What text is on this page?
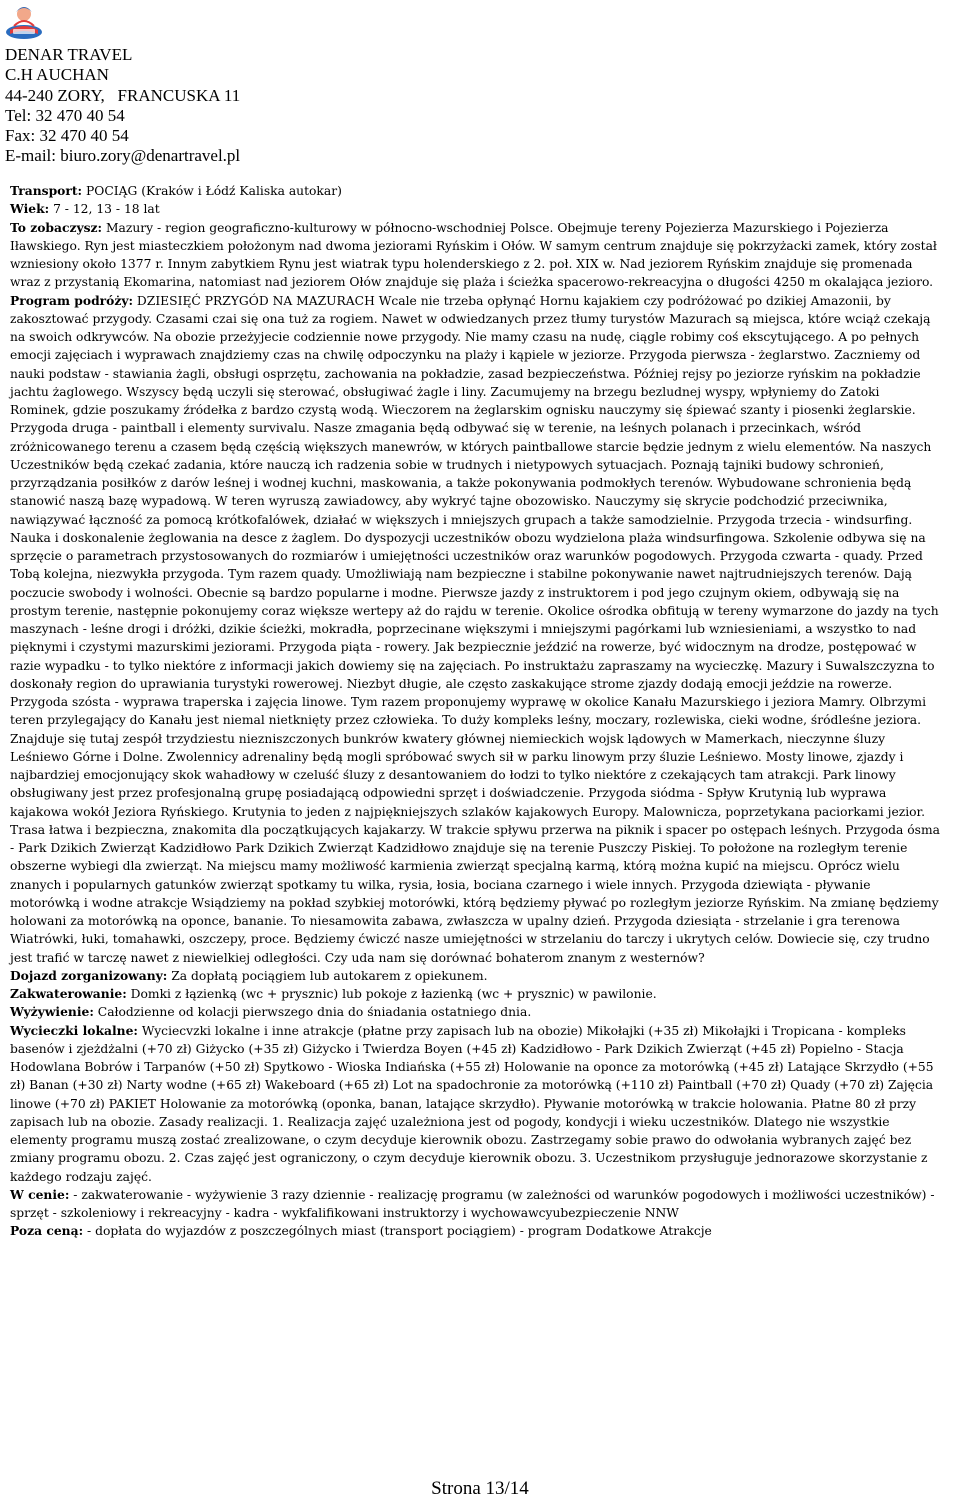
DENAR TRAVEL
C.H AUCHAN
44-240 ZORY,   FRANCUSKA 11
Tel: 32 470 40 54
Fax: 32 470 40 54
E-mail: biuro.zory@denartravel.pl

Transport: POCIĄG (Kraków i Łódź Kaliska autokar)

Wiek: 7 - 12, 13 - 18 lat

To zobaczysz: Mazury - region geograficzno-kulturowy w północno-wschodniej Polsce. Obejmuje tereny Pojezierza Mazurskiego i Pojezierza Iławskiego. Ryn jest miasteczkiem położonym nad dwoma jeziorami Ryńskim i Ołów. W samym centrum znajduje się pokrzyżacki zamek, który został wzniesiony około 1377 r. Innym zabytkiem Rynu jest wiatrak typu holenderskiego z 2. poł. XIX w. Nad jeziorem Ryńskim znajduje się promenada wraz z przystanią Ekomarina, natomiast nad jeziorem Ołów znajduje się plaża i ścieżka spacerowo-rekreacyjna o długości 4250 m okalająca jezioro.

Program podróży: DZIESIĘĆ PRZYGÓD NA MAZURACH Wcale nie trzeba opłynąć Hornu kajakiem czy podróżować po dzikiej Amazonii, by zakosztować przygody. Czasami czai się ona tuż za rogiem. Nawet w odwiedzanych przez tłumy turystów Mazurach są miejsca, które wciąż czekają na swoich odkrywców. Na obozie przeżyjecie codziennie nowe przygody. Nie mamy czasu na nudę, ciągle robimy coś ekscytującego. A po pełnych emocji zajęciach i wyprawach znajdziemy czas na chwilę odpoczynku na plaży i kąpiele w jeziorze. Przygoda pierwsza - żeglarstwo. Zaczniemy od nauki podstaw - stawiania żagli, obsługi osprzętu, zachowania na pokładzie, zasad bezpieczeństwa. Później rejsy po jeziorze ryńskim na pokładzie jachtu żaglowego. Wszyscy będą uczyli się sterować, obsługiwać żagle i liny. Zacumujemy na brzegu bezludnej wyspy, wpłyniemy do Zatoki Rominek, gdzie poszukamy źródełka z bardzo czystą wodą. Wieczorem na żeglarskim ognisku nauczymy się śpiewać szanty i piosenki żeglarskie. Przygoda druga - paintball i elementy survivalu. Nasze zmagania będą odbywać się w terenie, na leśnych polanach i przecinkach, wśród zróżnicowanego terenu a czasem będą częścią większych manewrów, w których paintballowe starcie będzie jednym z wielu elementów. Na naszych Uczestników będą czekać zadania, które nauczą ich radzenia sobie w trudnych i nietypowych sytuacjach. Poznają tajniki budowy schronień, przyrządzania posiłków z darów leśnej i wodnej kuchni, maskowania, a także pokonywania podmokłych terenów. Wybudowane schronienia będą stanowić naszą bazę wypadową. W teren wyruszą zawiadowcy, aby wykryć tajne obozowisko. Nauczymy się skrycie podchodzić przeciwnika, nawiązywać łączność za pomocą krótkofalówek, działać w większych i mniejszych grupach a także samodzielnie. Przygoda trzecia - windsurfing. Nauka i doskonalenie żeglowania na desce z żaglem. Do dyspozycji uczestników obozu wydzielona plaża windsurfingowa. Szkolenie odbywa się na sprzęcie o parametrach przystosowanych do rozmiarów i umiejętności uczestników oraz warunków pogodowych. Przygoda czwarta - quady. Przed Tobą kolejna, niezwykła przygoda. Tym razem quady. Umożliwiają nam bezpieczne i stabilne pokonywanie nawet najtrudniejszych terenów. Dają poczucie swobody i wolności. Obecnie są bardzo popularne i modne. Pierwsze jazdy z instruktorem i pod jego czujnym okiem, odbywają się na prostym terenie, następnie pokonujemy coraz większe wertepy aż do rajdu w terenie. Okolice ośrodka obfitują w tereny wymarzone do jazdy na tych maszynach - leśne drogi i dróżki, dzikie ścieżki, mokradła, poprzecinane większymi i mniejszymi pagórkami lub wzniesieniami, a wszystko to nad pięknymi i czystymi mazurskimi jeziorami. Przygoda piąta - rowery. Jak bezpiecznie jeździć na rowerze, być widocznym na drodze, postępować w razie wypadku - to tylko niektóre z informacji jakich dowiemy się na zajęciach. Po instruktażu zapraszamy na wycieczkę. Mazury i Suwalszczyzna to doskonały region do uprawiania turystyki rowerowej. Niezbyt długie, ale często zaskakujące strome zjazdy dodają emocji jeździe na rowerze. Przygoda szósta - wyprawa traperska i zajęcia linowe. Tym razem proponujemy wyprawę w okolice Kanału Mazurskiego i jeziora Mamry. Olbrzymi teren przylegający do Kanału jest niemal nietknięty przez człowieka. To duży kompleks leśny, moczary, rozlewiska, cieki wodne, śródleśne jeziora. Znajduje się tutaj zespół trzydziestu niezniszczonych bunkrów kwatery głównej niemieckich wojsk lądowych w Mamerkach, nieczynne śluzy Leśniewo Górne i Dolne. Zwolennicy adrenaliny będą mogli spróbować swych sił w parku linowym przy śluzie Leśniewo. Mosty linowe, zjazdy i najbardziej emocjonujący skok wahadłowy w czeluść śluzy z desantowaniem do łodzi to tylko niektóre z czekających tam atrakcji. Park linowy obsługiwany jest przez profesjonalną grupę posiadającą odpowiedni sprzęt i doświadczenie. Przygoda siódma - Spływ Krutynią lub wyprawa kajakowa wokół Jeziora Ryńskiego. Krutynia to jeden z najpiękniejszych szlaków kajakowych Europy. Malownicza, poprzetykana paciorkami jezior. Trasa łatwa i bezpieczna, znakomita dla początkujących kajakarzy. W trakcie spływu przerwa na piknik i spacer po ostępach leśnych. Przygoda ósma - Park Dzikich Zwierząt Kadzidłowo Park Dzikich Zwierząt Kadzidłowo znajduje się na terenie Puszczy Piskiej. To położone na rozległym terenie obszerne wybiegi dla zwierząt. Na miejscu mamy możliwość karmienia zwierząt specjalną karmą, którą można kupić na miejscu. Oprócz wielu znanych i popularnych gatunków zwierząt spotkamy tu wilka, rysia, łosia, bociana czarnego i wiele innych. Przygoda dziewiąta - pływanie motorówką i wodne atrakcje Wsiądziemy na pokład szybkiej motorówki, którą będziemy pływać po rozległym jeziorze Ryńskim. Na zmianę będziemy holowani za motorówką na oponce, bananie. To niesamowita zabawa, zwłaszcza w upalny dzień. Przygoda dziesiąta - strzelanie i gra terenowa Wiatrówki, łuki, tomahawki, oszczepy, proce. Będziemy ćwiczć nasze umiejętności w strzelaniu do tarczy i ukrytych celów. Dowiecie się, czy trudno jest trafić w tarczę nawet z niewielkiej odległości. Czy uda nam się dorównać bohaterom znanym z westernów?

Dojazd zorganizowany: Za dopłatą pociągiem lub autokarem z opiekunem.

Zakwaterowanie: Domki z łązienką (wc + prysznic) lub pokoje z łazienką (wc + prysznic) w pawilonie.

Wyżywienie: Całodzienne od kolacji pierwszego dnia do śniadania ostatniego dnia.

Wycieczki lokalne: Wyciecvzki lokalne i inne atrakcje (płatne przy zapisach lub na obozie) Mikołajki (+35 zł) Mikołajki i Tropicana - kompleks basenów i zjeżdżalni (+70 zł) Giżycko (+35 zł) Giżycko i Twierdza Boyen (+45 zł) Kadzidłowo - Park Dzikich Zwierząt (+45 zł) Popielno - Stacja Hodowlana Bobrów i Tarpanów (+50 zł) Spytkowo - Wioska Indiańska (+55 zł) Holowanie na oponce za motorówką (+45 zł) Latające Skrzydło (+55 zł) Banan (+30 zł) Narty wodne (+65 zł) Wakeboard (+65 zł) Lot na spadochronie za motorówką (+110 zł) Paintball (+70 zł) Quady (+70 zł) Zajęcia linowe (+70 zł) PAKIET Holowanie za motorówką (oponka, banan, latające skrzydło). Pływanie motorówką w trakcie holowania. Płatne 80 zł przy zapisach lub na obozie. Zasady realizacji. 1. Realizacja zajęć uzależniona jest od pogody, kondycji i wieku uczestników. Dlatego nie wszystkie elementy programu muszą zostać zrealizowane, o czym decyduje kierownik obozu. Zastrzegamy sobie prawo do odwołania wybranych zajęć bez zmiany programu obozu. 2. Czas zajęć jest ograniczony, o czym decyduje kierownik obozu. 3. Uczestnikom przysługuje jednorazowe skorzystanie z każdego rodzaju zajęć.

W cenie: - zakwaterowanie - wyżywienie 3 razy dziennie - realizację programu (w zależności od warunków pogodowych i możliwości uczestników) - sprzęt - szkoleniowy i rekreacyjny - kadra - wykfalifikowani instruktorzy i wychowawcyubezpieczenie NNW

Poza ceną: - dopłata do wyjazdów z poszczególnych miast (transport pociągiem) - program Dodatkowe Atrakcje

Strona 13/14
